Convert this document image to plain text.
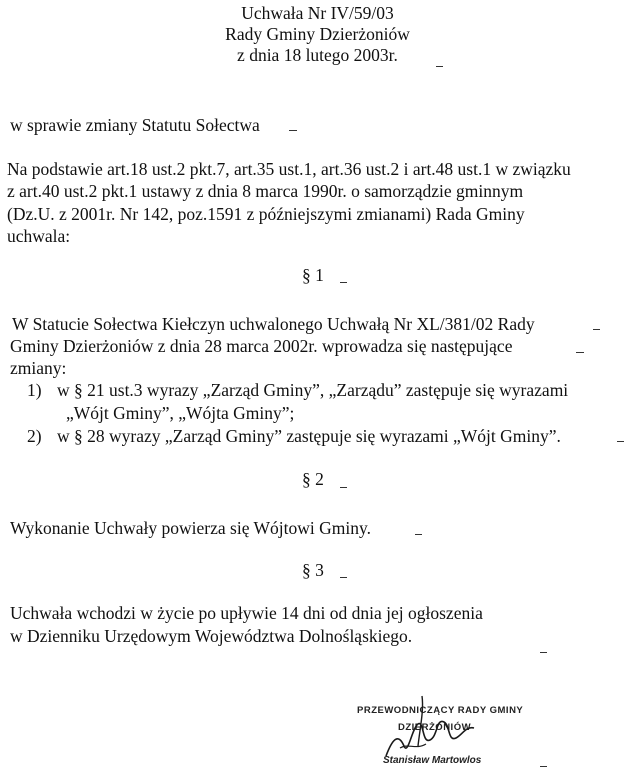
Uchwała Nr IV/59/03
Rady Gminy Dzierżoniów
z dnia 18 lutego 2003r.
w sprawie zmiany Statutu Sołectwa
Na podstawie art.18 ust.2 pkt.7, art.35 ust.1, art.36 ust.2 i art.48 ust.1 w związku
z art.40 ust.2 pkt.1 ustawy z dnia 8 marca 1990r. o samorządzie gminnym
(Dz.U. z 2001r. Nr 142, poz.1591 z późniejszymi zmianami) Rada Gminy
uchwala:
§ 1
W Statucie Sołectwa Kiełczyn uchwalonego Uchwałą Nr XL/381/02 Rady
Gminy Dzierżoniów z dnia 28 marca 2002r. wprowadza się następujące
zmiany:
1) w § 21 ust.3 wyrazy „Zarząd Gminy”, „Zarządu” zastępuje się wyrazami
„Wójt Gminy”, „Wójta Gminy”;
2) w § 28 wyrazy „Zarząd Gminy” zastępuje się wyrazami „Wójt Gminy”.
§ 2
Wykonanie Uchwały powierza się Wójtowi Gminy.
§ 3
Uchwała wchodzi w życie po upływie 14 dni od dnia jej ogłoszenia
w Dzienniku Urzędowym Województwa Dolnośląskiego.
PRZEWODNICZĄCY RADY GMINY
DZIERŻONIÓW
Stanisław Martowlos
